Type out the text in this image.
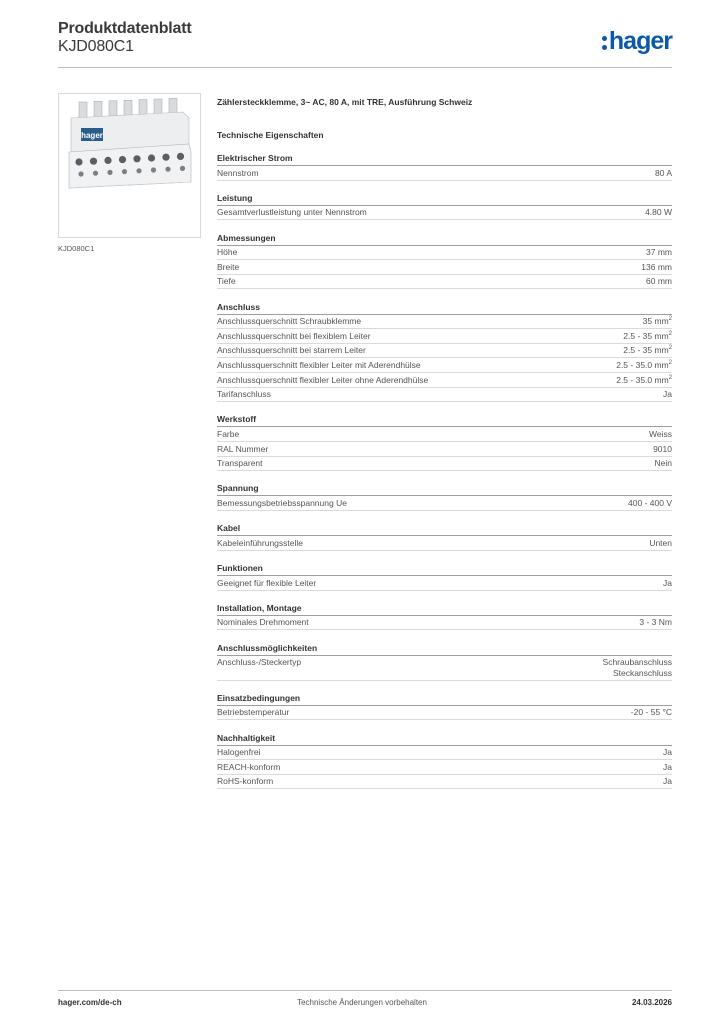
Produktdatenblatt
KJD080C1	hager
hager
KJD080C1
Zählersteckklemme, 3~ AC, 80 A, mit TRE, Ausführung Schweiz
Technische Eigenschaften
Elektrischer Strom
Nennstrom	80 A
Leistung
Gesamtverlustleistung unter Nennstrom	4.80 W
Abmessungen
Höhe	37 mm
Breite	136 mm
Tiefe	60 mm
Anschluss
Anschlussquerschnitt Schraubklemme	35 $mm^2$
Anschlussquerschnitt bei flexiblem Leiter	2.5 - 35 $mm^2$
Anschlussquerschnitt bei starrem Leiter	2.5 - 35 $mm^2$
Anschlussquerschnitt flexibler Leiter mit Aderendhülse	2.5 - 35.0 $mm^2$
Anschlussquerschnitt flexibler Leiter ohne Aderendhülse	2.5 - 35.0 $mm^2$
Tarifanschluss	Ja
Werkstoff
Farbe	Weiss
RAL Nummer	9010
Transparent	Nein
Spannung
Bemessungsbetriebsspannung Ue	400 - 400 V
Kabel
Kabeleinführungsstelle	Unten
Funktionen
Geeignet für flexible Leiter	Ja
Installation, Montage
Nominales Drehmoment	3 - 3 Nm
Anschlussmöglichkeiten
Anschluss-/Steckertyp	Schraubanschluss
Steckanschluss
Einsatzbedingungen
Betriebstemperatur	-20 - 55 °C
Nachhaltigkeit
Halogenfrei	Ja
REACH-konform	Ja
RoHS-konform	Ja
hager.com/de-ch	Technische Änderungen vorbehalten	24.03.2026
